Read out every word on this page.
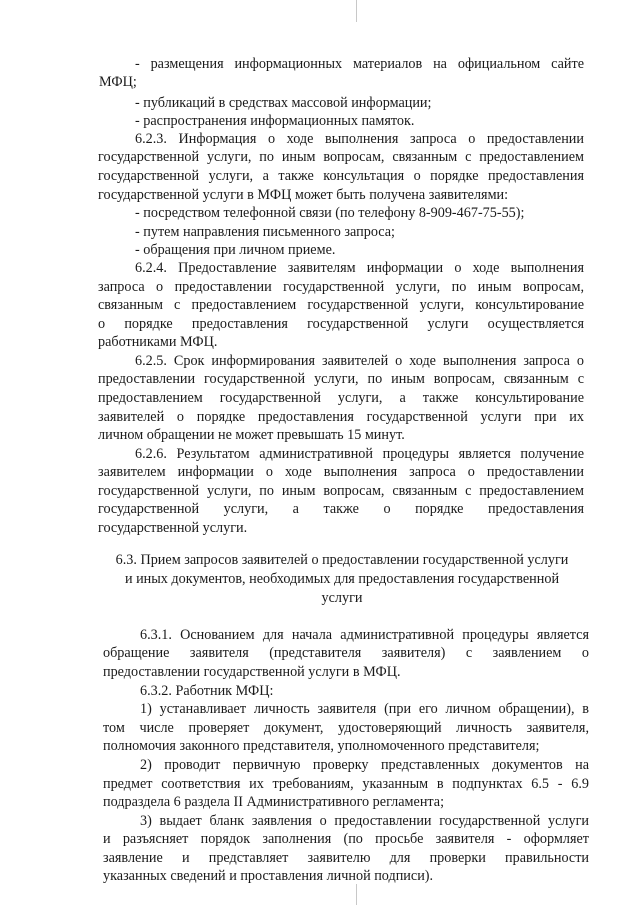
- размещения информационных материалов на официальном сайте

МФЦ;

- публикаций в средствах массовой информации;

- распространения информационных памяток.

6.2.3. Информация о ходе выполнения запроса о предоставлении

государственной услуги, по иным вопросам, связанным с предоставлением

государственной услуги, а также консультация о порядке предоставления

государственной услуги в МФЦ может быть получена заявителями:

- посредством телефонной связи (по телефону 8-909-467-75-55);

- путем направления письменного запроса;

- обращения при личном приеме.

6.2.4. Предоставление заявителям информации о ходе выполнения

запроса о предоставлении государственной услуги, по иным вопросам,

связанным с предоставлением государственной услуги, консультирование

о порядке предоставления государственной услуги осуществляется

работниками МФЦ.

6.2.5. Срок информирования заявителей о ходе выполнения запроса о

предоставлении государственной услуги, по иным вопросам, связанным с

предоставлением государственной услуги, а также консультирование

заявителей о порядке предоставления государственной услуги при их

личном обращении не может превышать 15 минут.

6.2.6. Результатом административной процедуры является получение

заявителем информации о ходе выполнения запроса о предоставлении

государственной услуги, по иным вопросам, связанным с предоставлением

государственной услуги, а также о порядке предоставления

государственной услуги.

6.3. Прием запросов заявителей о предоставлении государственной услуги

и иных документов, необходимых для предоставления государственной

услуги

6.3.1. Основанием для начала административной процедуры является

обращение заявителя (представителя заявителя) с заявлением о

предоставлении государственной услуги в МФЦ.

6.3.2. Работник МФЦ:

1) устанавливает личность заявителя (при его личном обращении), в

том числе проверяет документ, удостоверяющий личность заявителя,

полномочия законного представителя, уполномоченного представителя;

2) проводит первичную проверку представленных документов на

предмет соответствия их требованиям, указанным в подпунктах 6.5 - 6.9

подраздела 6 раздела II Административного регламента;

3) выдает бланк заявления о предоставлении государственной услуги

и разъясняет порядок заполнения (по просьбе заявителя - оформляет

заявление и представляет заявителю для проверки правильности

указанных сведений и проставления личной подписи).
